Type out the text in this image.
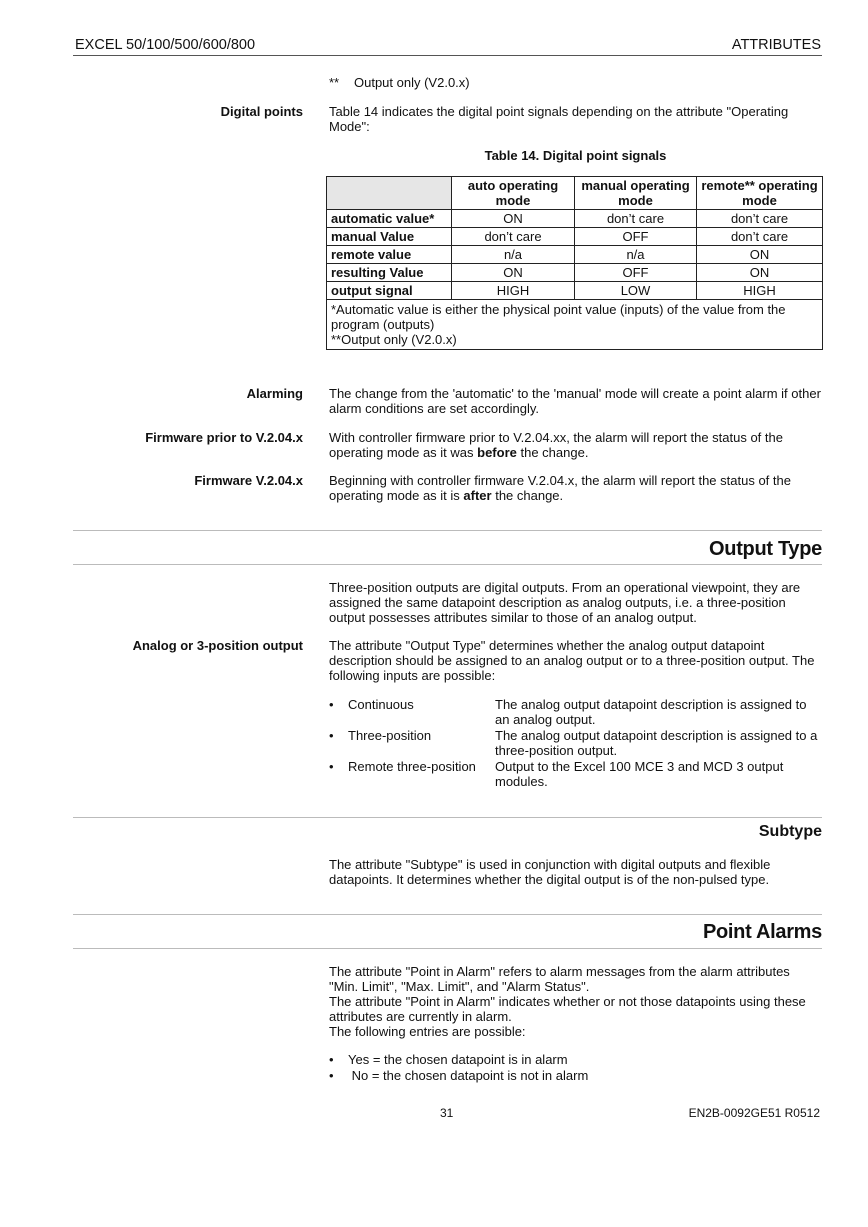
EXCEL 50/100/500/600/800	ATTRIBUTES
** Output only (V2.0.x)
Digital points Table 14 indicates the digital point signals depending on the attribute "Operating Mode":
Table 14. Digital point signals
	auto operating mode	manual operating mode	remote** operating mode
automatic value*	ON	don’t care	don’t care
manual Value	don’t care	OFF	don’t care
remote value	n/a	n/a	ON
resulting Value	ON	OFF	ON
output signal	HIGH	LOW	HIGH

*Automatic value is either the physical point value (inputs) of the value from the program (outputs)
**Output only (V2.0.x)			
Alarming The change from the 'automatic' to the 'manual' mode will create a point alarm if other alarm conditions are set accordingly.
Firmware prior to V.2.04.x With controller firmware prior to V.2.04.xx, the alarm will report the status of the operating mode as it was before the change.
Firmware V.2.04.x Beginning with controller firmware V.2.04.x, the alarm will report the status of the operating mode as it is after the change.
Output Type
Three-position outputs are digital outputs. From an operational viewpoint, they are assigned the same datapoint description as analog outputs, i.e. a three-position output possesses attributes similar to those of an analog output.
Analog or 3-position output The attribute "Output Type" determines whether the analog output datapoint description should be assigned to an analog output or to a three-position output. The following inputs are possible:
• Continuous	The analog output datapoint description is assigned to an analog output.
• Three-position	The analog output datapoint description is assigned to a three-position output.
• Remote three-position Output to the Excel 100 MCE 3 and MCD 3 output modules.
Subtype
The attribute "Subtype" is used in conjunction with digital outputs and flexible datapoints. It determines whether the digital output is of the non-pulsed type.
Point Alarms
The attribute "Point in Alarm" refers to alarm messages from the alarm attributes "Min. Limit", "Max. Limit", and "Alarm Status".
The attribute "Point in Alarm" indicates whether or not those datapoints using these attributes are currently in alarm.
The following entries are possible:
• Yes = the chosen datapoint is in alarm
• No = the chosen datapoint is not in alarm
31	EN2B-0092GE51 R0512
